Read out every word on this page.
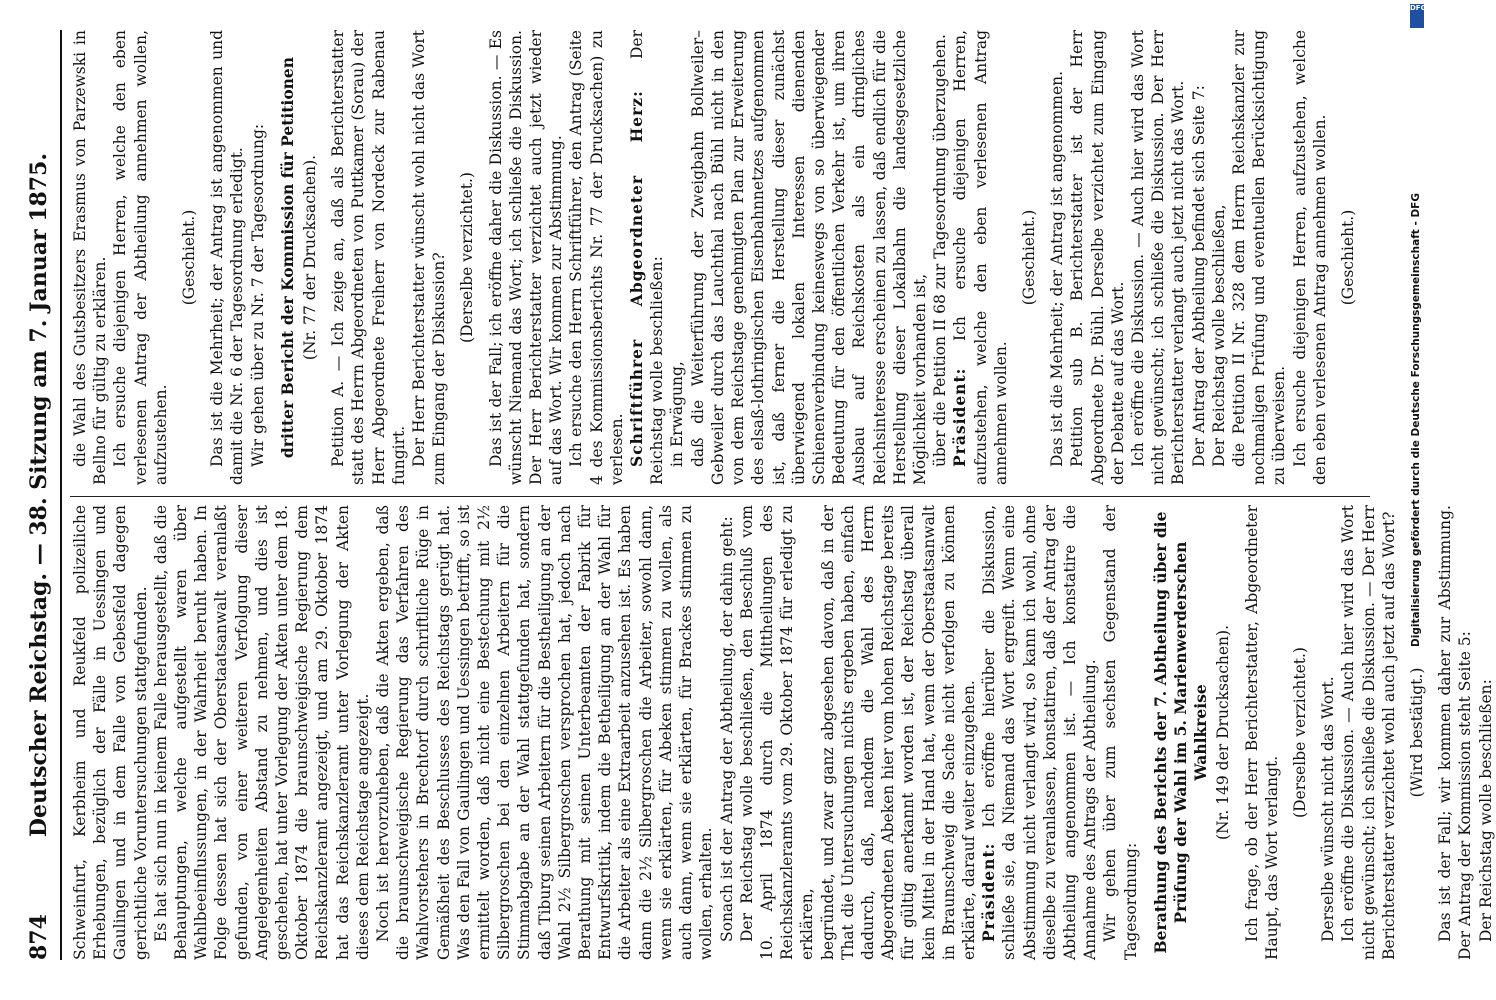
874
Deutscher Reichstag. — 38. Sitzung am 7. Januar 1875. Schweinfurt, Kerbheim und Reukfeld polizeiliche Erhebungen, bezüglich der Fälle in Uessingen und Gaulingen und in dem Falle von Gebesfeld dagegen gerichtliche Voruntersuchungen stattgefunden. Es hat sich nun in keinem Falle herausgestellt, daß die Behauptungen, welche aufgestellt waren über Wahlbeeinflussungen, in der Wahrheit beruht haben. In Folge dessen hat sich der Oberstaatsanwalt veranlaßt gefunden, von einer weiteren Verfolgung dieser Angelegenheiten Abstand zu nehmen, und dies ist geschehen, hat unter Vorlegung der Akten unter dem 18. Oktober 1874 die braunschweigische Regierung dem Reichskanzleramt angezeigt, und am 29. Oktober 1874 hat das Reichskanzleramt unter Vorlegung der Akten dieses dem Reichstage angezeigt. Noch ist hervorzuheben, daß die Akten ergeben, daß die braunschweigische Regierung das Verfahren des Wahlvorstehers in Brechtorf durch schriftliche Rüge in Gemäßheit des Beschlusses des Reichstags gerügt hat. Was den Fall von Gaulingen und Uessingen betrifft, so ist ermittelt worden, daß nicht eine Bestechung mit 2½ Silbergroschen bei den einzelnen Arbeitern für die Stimmabgabe an der Wahl stattgefunden hat, sondern daß Tiburg seinen Arbeitern für die Bestheiligung an der Wahl 2½ Silbergroschen versprochen hat, jedoch nach Berathung mit seinen Unterbeamten der Fabrik für Entwurfskritik, indem die Betheiligung an der Wahl für die Arbeiter als eine Extraarbeit anzusehen ist. Es haben dann die 2½ Silbergroschen die Arbeiter, sowohl dann, wenn sie erklärten, für Abeken stimmen zu wollen, als auch dann, wenn sie erklärten, für Brackes stimmen zu wollen, erhalten. Sonach ist der Antrag der Abtheilung, der dahin geht: Der Reichstag wolle beschließen, den Beschluß vom 10. April 1874 durch die Mittheilungen des Reichskanzleramts vom 29. Oktober 1874 für erledigt zu erklären, begründet, und zwar ganz abgesehen davon, daß in der That die Untersuchungen nichts ergeben haben, einfach dadurch, daß, nachdem die Wahl des Herrn Abgeordneten Abeken hier vom hohen Reichstage bereits für gültig anerkannt worden ist, der Reichstag überall kein Mittel in der Hand hat, wenn der Oberstaatsanwalt in Braunschweig die Sache nicht verfolgen zu können erklärte, darauf weiter einzugehen. Präsident: Ich eröffne hierüber die Diskussion, schließe sie, da Niemand das Wort ergreift. Wenn eine Abstimmung nicht verlangt wird, so kann ich wohl, ohne dieselbe zu veranlassen, konstatiren, daß der Antrag der Abtheilung angenommen ist. — Ich konstatire die Annahme des Antrags der Abtheilung. Wir gehen über zum sechsten Gegenstand der Tagesordnung: Berathung des Berichts der 7. Abtheilung über die Prüfung der Wahl im 5. Marienwerderschen Wahlkreise (Nr. 149 der Drucksachen). Ich frage, ob der Herr Berichterstatter, Abgeordneter Haupt, das Wort verlangt.

(Derselbe verzichtet.) Derselbe wünscht nicht das Wort. Ich eröffne die Diskussion. — Auch hier wird das Wort nicht gewünscht; ich schließe die Diskussion. — Der Herr Berichterstatter verzichtet wohl auch jetzt auf das Wort? (Wird bestätigt.) Das ist der Fall; wir kommen daher zur Abstimmung. Der Antrag der Kommission steht Seite 5: Der Reichstag wolle beschließen:

die Wahl des Gutsbesitzers Erasmus von Parzewski in Bellno für gültig zu erklären. Ich ersuche diejenigen Herren, welche den eben verlesenen Antrag der Abtheilung annehmen wollen, aufzustehen.

(Geschieht.) Das ist die Mehrheit; der Antrag ist angenommen und damit die Nr. 6 der Tagesordnung erledigt. Wir gehen über zu Nr. 7 der Tagesordnung: dritter Bericht der Kommission für Petitionen (Nr. 77 der Drucksachen). Petition A. — Ich zeige an, daß als Berichterstatter statt des Herrn Abgeordneten von Puttkamer (Sorau) der Herr Abgeordnete Freiherr von Nordeck zur Rabenau fungirt. Der Herr Berichterstatter wünscht wohl nicht das Wort zum Eingang der Diskussion? (Derselbe verzichtet.) Das ist der Fall; ich eröffne daher die Diskussion. — Es wünscht Niemand das Wort; ich schließe die Diskussion. Der Herr Berichterstatter verzichtet auch jetzt wieder auf das Wort. Wir kommen zur Abstimmung. Ich ersuche den Herrn Schriftführer, den Antrag (Seite 4 des Kommissionsberichts Nr. 77 der Drucksachen) zu verlesen. Schriftführer Abgeordneter Herz: Der Reichstag wolle beschließen: in Erwägung, daß die Weiterführung der Zweigbahn Bollweiler–Gebweiler durch das Lauchthal nach Bühl nicht in den von dem Reichstage genehmigten Plan zur Erweiterung des elsaß-lothringischen Eisenbahnnetzes aufgenommen ist, daß ferner die Herstellung dieser zunächst überwiegend lokalen Interessen dienenden Schienenverbindung keineswegs von so überwiegender Bedeutung für den öffentlichen Verkehr ist, um ihren Ausbau auf Reichskosten als ein dringliches Reichsinteresse erscheinen zu lassen, daß endlich für die Herstellung dieser Lokalbahn die landesgesetzliche Möglichkeit vorhanden ist, über die Petition II 68 zur Tagesordnung überzugehen. Präsident: Ich ersuche diejenigen Herren, aufzustehen, welche den eben verlesenen Antrag annehmen wollen.

(Geschieht.) Das ist die Mehrheit; der Antrag ist angenommen. Petition sub B. Berichterstatter ist der Herr Abgeordnete Dr. Bühl. Derselbe verzichtet zum Eingang der Debatte auf das Wort. Ich eröffne die Diskussion. — Auch hier wird das Wort nicht gewünscht; ich schließe die Diskussion. Der Herr Berichterstatter verlangt auch jetzt nicht das Wort. Der Antrag der Abtheilung befindet sich Seite 7: Der Reichstag wolle beschließen, die Petition II Nr. 328 dem Herrn Reichskanzler zur nochmaligen Prüfung und eventuellen Berücksichtigung zu überweisen. Ich ersuche diejenigen Herren, aufzustehen, welche den eben verlesenen Antrag annehmen wollen. (Geschieht.)

DFG
Digitalisierung gefördert durch die Deutsche Forschungsgemeinschaft - DFG
